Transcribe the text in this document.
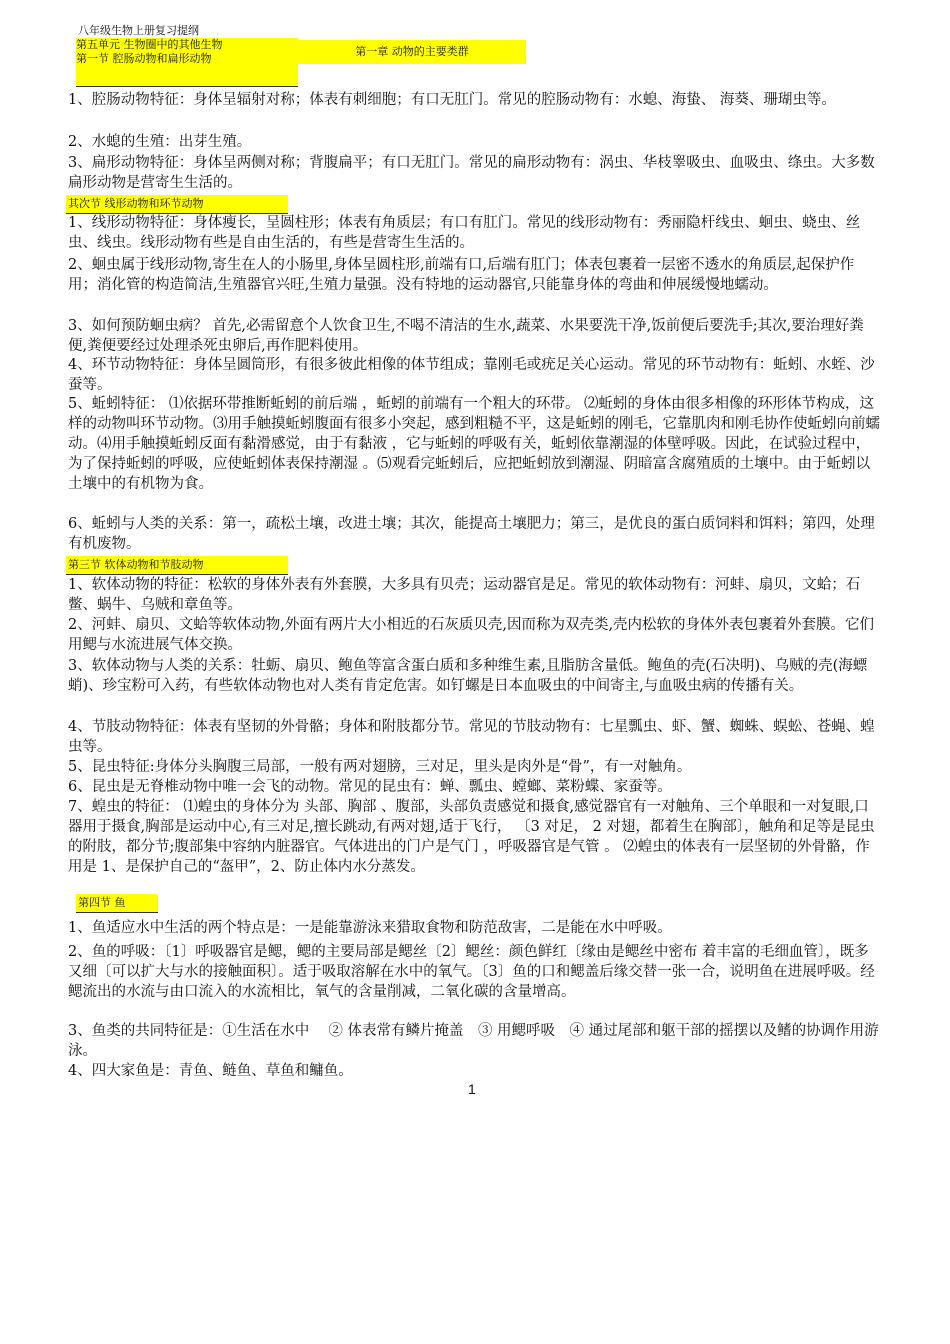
八年级生物上册复习提纲
第五单元 生物圈中的其他生物
第一节 腔肠动物和扁形动物
第一章 动物的主要类群

1、腔肠动物特征：身体呈辐射对称；体表有刺细胞；有口无肛门。常见的腔肠动物有：水螅、海蛰、 海葵、珊瑚虫等。

2、水螅的生殖：出芽生殖。

3、扁形动物特征：身体呈两侧对称；背腹扁平；有口无肛门。常见的扁形动物有：涡虫、华枝睾吸虫、血吸虫、绦虫。大多数扁形动物是营寄生生活的。

其次节 线形动物和环节动物

1、线形动物特征：身体瘦长，呈圆柱形；体表有角质层；有口有肛门。常见的线形动物有：秀丽隐杆线虫、蛔虫、蛲虫、丝虫、线虫。线形动物有些是自由生活的，有些是营寄生生活的。

2、蛔虫属于线形动物,寄生在人的小肠里,身体呈圆柱形,前端有口,后端有肛门；体表包裹着一层密不透水的角质层,起保护作用；消化管的构造简洁,生殖器官兴旺,生殖力量强。没有特地的运动器官,只能靠身体的弯曲和伸展缓慢地蠕动。

3、如何预防蛔虫病？ 首先,必需留意个人饮食卫生,不喝不清洁的生水,蔬菜、水果要洗干净,饭前便后要洗手;其次,要治理好粪便,粪便要经过处理杀死虫卵后,再作肥料使用。

4、环节动物特征：身体呈圆筒形，有很多彼此相像的体节组成；靠刚毛或疣足关心运动。常见的环节动物有：蚯蚓、水蛭、沙蚕等。

5、蚯蚓特征： ⑴依据环带推断蚯蚓的前后端 ，蚯蚓的前端有一个粗大的环带。 ⑵蚯蚓的身体由很多相像的环形体节构成，这样的动物叫环节动物。⑶用手触摸蚯蚓腹面有很多小突起，感到粗糙不平，这是蚯蚓的刚毛，它靠肌肉和刚毛协作使蚯蚓向前蠕动。⑷用手触摸蚯蚓反面有黏滑感觉，由于有黏液 ，它与蚯蚓的呼吸有关，蚯蚓依靠潮湿的体壁呼吸。因此，在试验过程中，为了保持蚯蚓的呼吸，应使蚯蚓体表保持潮湿 。⑸观看完蚯蚓后，应把蚯蚓放到潮湿、阴暗富含腐殖质的土壤中。由于蚯蚓以土壤中的有机物为食。

6、蚯蚓与人类的关系：第一，疏松土壤，改进土壤；其次，能提高土壤肥力；第三，是优良的蛋白质饲料和饵料；第四，处理有机废物。

第三节 软体动物和节肢动物

1、软体动物的特征：松软的身体外表有外套膜，大多具有贝壳；运动器官是足。常见的软体动物有：河蚌、扇贝，文蛤；石鳖、蜗牛、乌贼和章鱼等。

2、河蚌、扇贝、文蛤等软体动物,外面有两片大小相近的石灰质贝壳,因而称为双壳类,壳内松软的身体外表包裹着外套膜。它们用鳃与水流进展气体交换。

3、软体动物与人类的关系：牡蛎、扇贝、鲍鱼等富含蛋白质和多种维生素,且脂肪含量低。鲍鱼的壳(石决明)、乌贼的壳(海螵蛸)、珍宝粉可入药，有些软体动物也对人类有肯定危害。如钉螺是日本血吸虫的中间寄主,与血吸虫病的传播有关。

4、节肢动物特征：体表有坚韧的外骨骼；身体和附肢都分节。常见的节肢动物有：七星瓢虫、虾、蟹、蜘蛛、蜈蚣、苍蝇、蝗虫等。

5、昆虫特征:身体分头胸腹三局部，一般有两对翅膀，三对足，里头是肉外是“骨”，有一对触角。

6、昆虫是无脊椎动物中唯一会飞的动物。常见的昆虫有：蝉、瓢虫、螳螂、菜粉蝶、家蚕等。

7、蝗虫的特征： ⑴蝗虫的身体分为 头部、胸部 、腹部，头部负责感觉和摄食,感觉器官有一对触角、三个单眼和一对复眼,口器用于摄食,胸部是运动中心,有三对足,擅长跳动,有两对翅,适于飞行， 〔3 对足， 2 对翅，都着生在胸部〕，触角和足等是昆虫的附肢，都分节;腹部集中容纳内脏器官。气体进出的门户是气门 ，呼吸器官是气管 。 ⑵蝗虫的体表有一层坚韧的外骨骼，作用是 1、是保护自己的“盔甲”，2、防止体内水分蒸发。

第四节 鱼

1、鱼适应水中生活的两个特点是：一是能靠游泳来猎取食物和防范敌害，二是能在水中呼吸。

2、鱼的呼吸：〔1〕呼吸器官是鳃，鳃的主要局部是鳃丝〔2〕鳃丝：颜色鲜红〔缘由是鳃丝中密布 着丰富的毛细血管〕，既多又细〔可以扩大与水的接触面积〕。适于吸取溶解在水中的氧气。〔3〕鱼的口和鳃盖后缘交替一张一合，说明鱼在进展呼吸。经鳃流出的水流与由口流入的水流相比，氧气的含量削减，二氧化碳的含量增高。

3、鱼类的共同特征是：①生活在水中　 ② 体表常有鳞片掩盖　③ 用鳃呼吸　④ 通过尾部和躯干部的摇摆以及鳍的协调作用游泳。

4、四大家鱼是：青鱼、鲢鱼、草鱼和鳙鱼。

1
